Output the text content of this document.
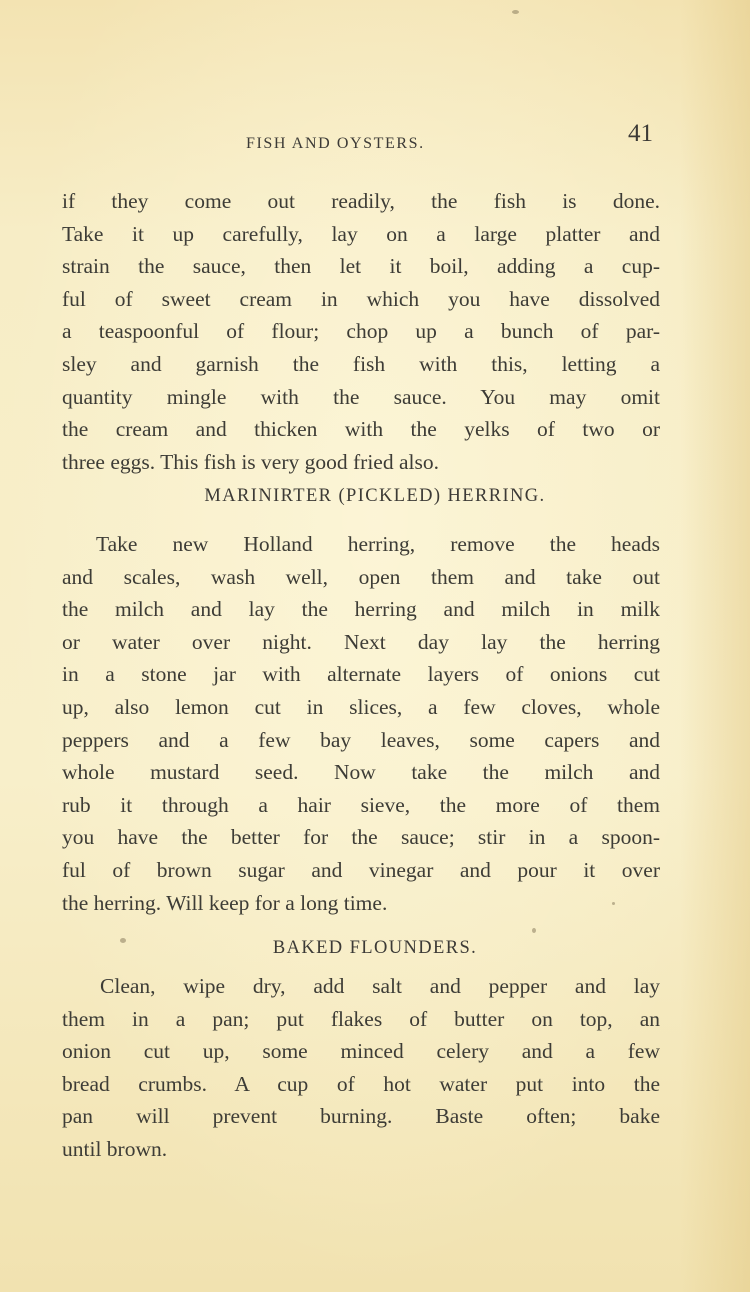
FISH AND OYSTERS.	41
if they come out readily, the fish is done.
Take it up carefully, lay on a large platter and
strain the sauce, then let it boil, adding a cup-
ful of sweet cream in which you have dissolved
a teaspoonful of flour; chop up a bunch of par-
sley and garnish the fish with this, letting a
quantity mingle with the sauce. You may omit
the cream and thicken with the yelks of two or
three eggs. This fish is very good fried also.
MARINIRTER (PICKLED) HERRING.
Take new Holland herring, remove the heads
and scales, wash well, open them and take out
the milch and lay the herring and milch in milk
or water over night. Next day lay the herring
in a stone jar with alternate layers of onions cut
up, also lemon cut in slices, a few cloves, whole
peppers and a few bay leaves, some capers and
whole mustard seed. Now take the milch and
rub it through a hair sieve, the more of them
you have the better for the sauce; stir in a spoon-
ful of brown sugar and vinegar and pour it over
the herring. Will keep for a long time.
BAKED FLOUNDERS.
Clean, wipe dry, add salt and pepper and lay
them in a pan; put flakes of butter on top, an
onion cut up, some minced celery and a few
bread crumbs. A cup of hot water put into the
pan will prevent burning. Baste often; bake
until brown.
